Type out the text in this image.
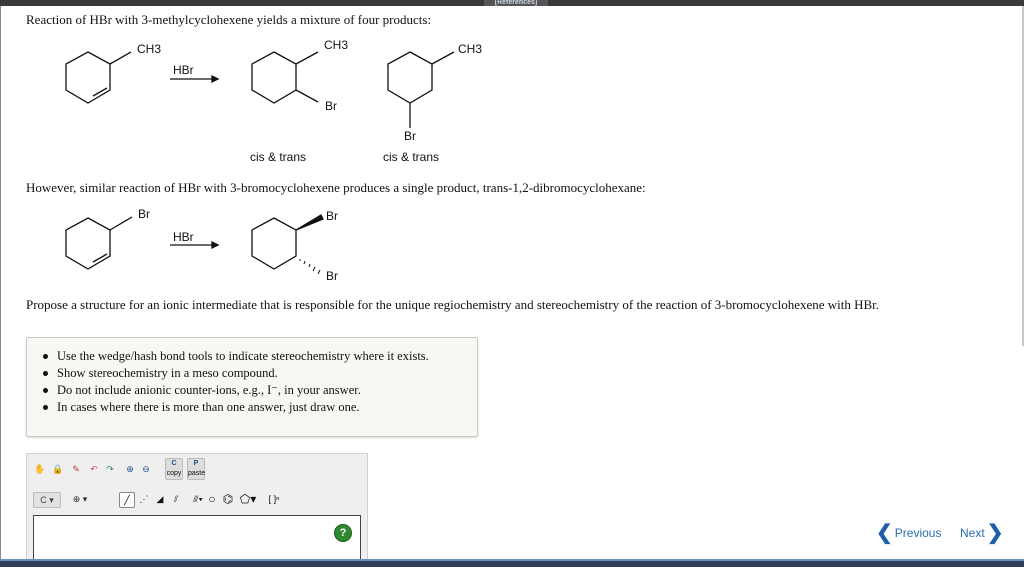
[References]
Reaction of HBr with 3-methylcyclohexene yields a mixture of four products:
CH3
HBr
CH3
Br
CH3
Br
cis & trans	cis & trans
However, similar reaction of HBr with 3-bromocyclohexene produces a single product, trans-1,2-dibromocyclohexane:
Br
HBr
Br
Br
Propose a structure for an ionic intermediate that is responsible for the unique regiochemistry and stereochemistry of the reaction of 3-bromocyclohexene with HBr.
Use the wedge/hash bond tools to indicate stereochemistry where it exists.
Show stereochemistry in a meso compound.
Do not include anionic counter-ions, e.g., I⁻, in your answer.
In cases where there is more than one answer, just draw one.
✋ 🔒 ✎	↶ ↷	⊕ ⊖
C
copy
P
paste
C ▾	⊕ ▾	╱	⋰ ◢	⫽	⫻▾ ○ ⌬ ⬠▾	[ ]ⁿ
?	❮ Previous Next ❯
